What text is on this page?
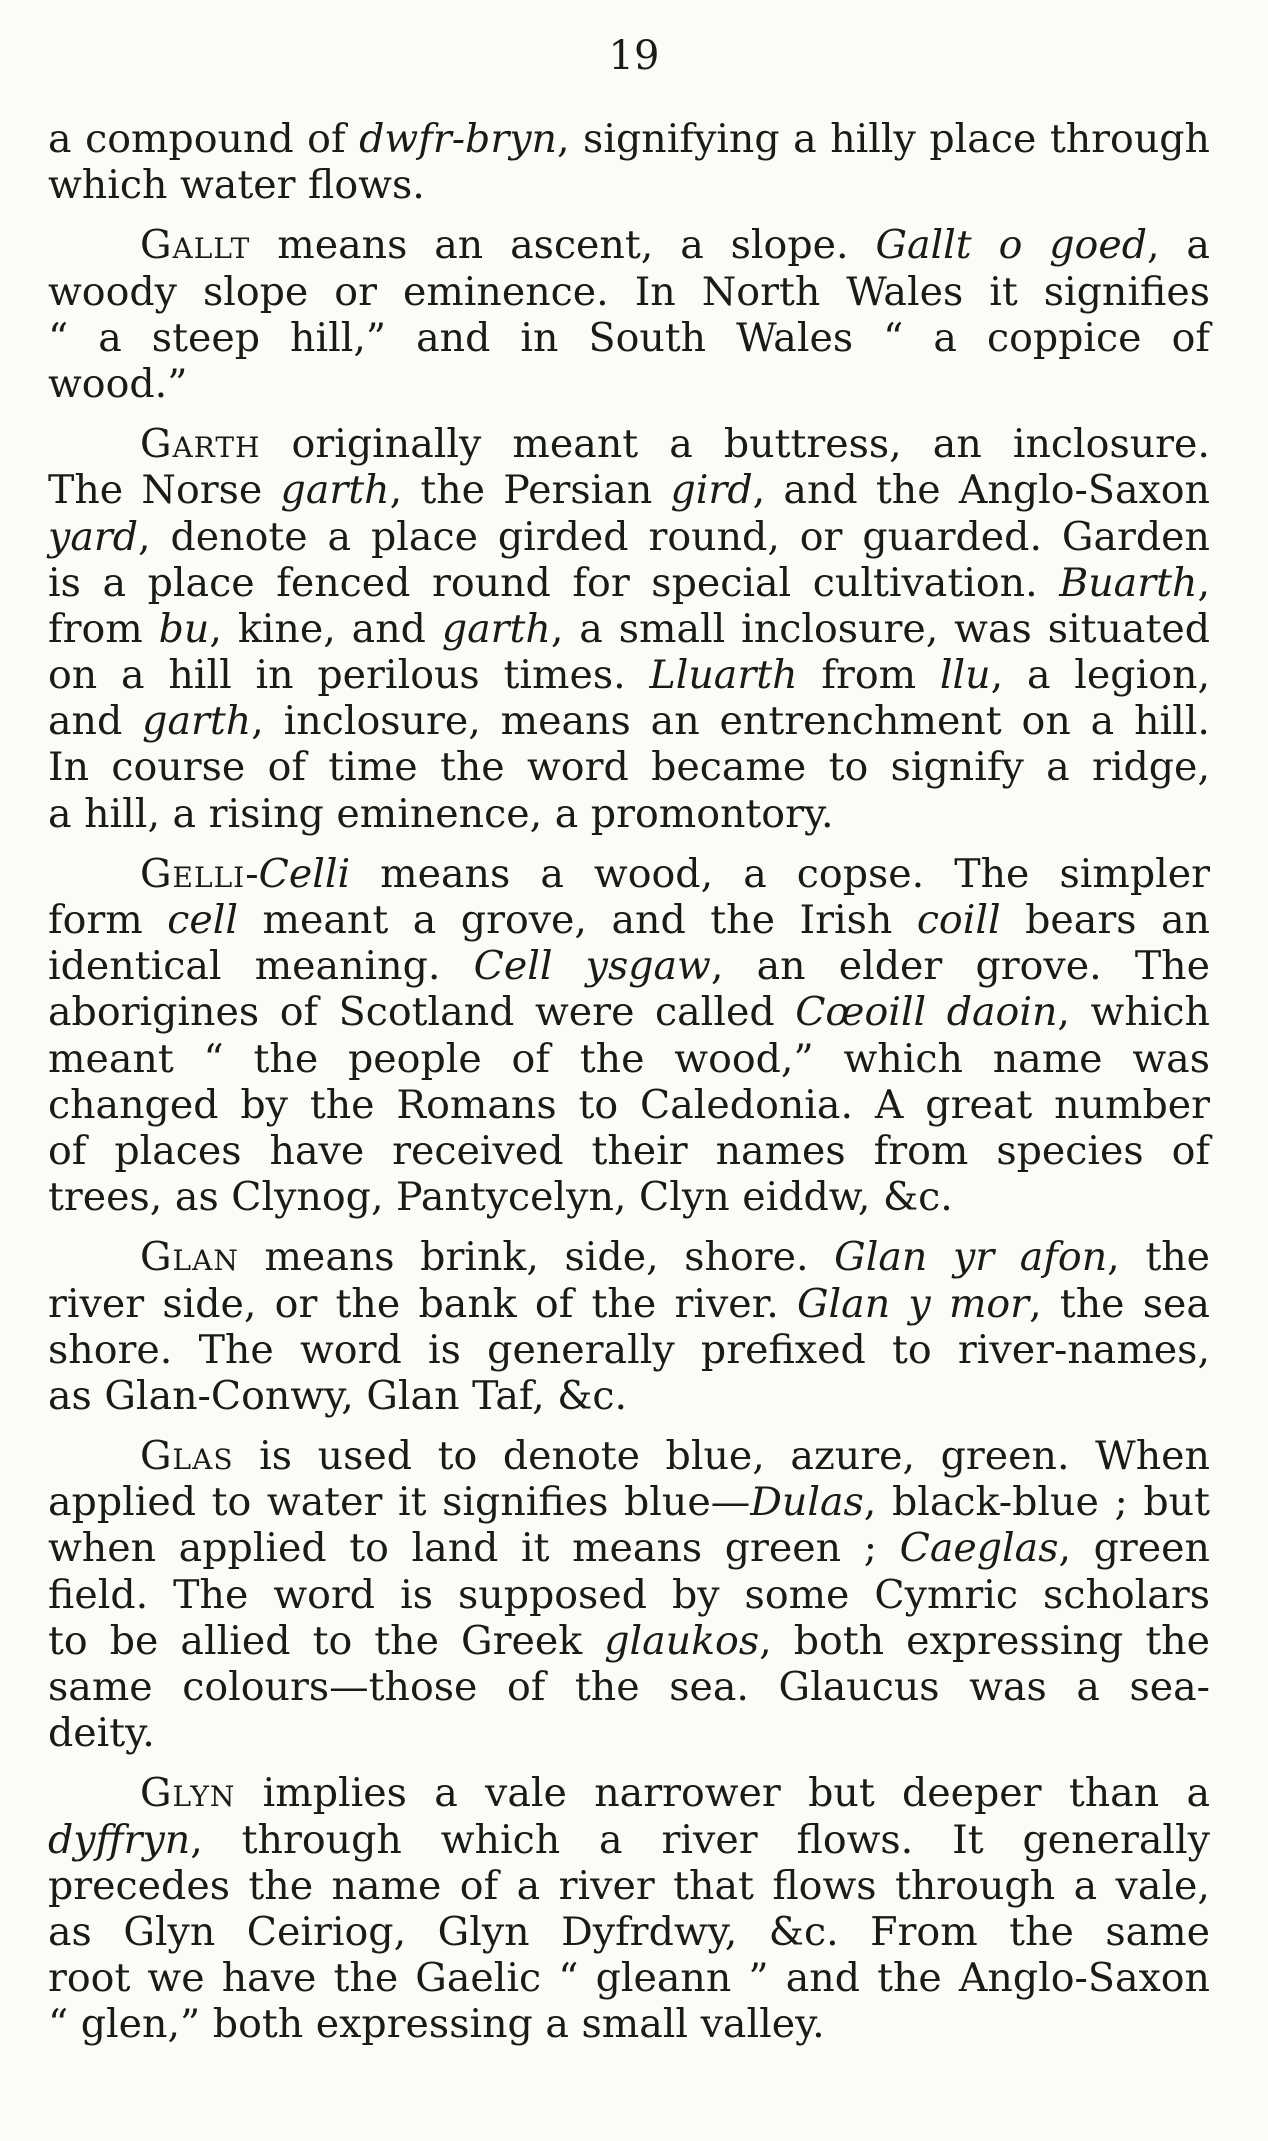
19
a compound of dwfr-bryn, signifying a hilly place through
which water flows.
Gallt means an ascent, a slope. Gallt o goed, a
woody slope or eminence. In North Wales it signifies
“ a steep hill,” and in South Wales “ a coppice of
wood.”
Garth originally meant a buttress, an inclosure.
The Norse garth, the Persian gird, and the Anglo-Saxon
yard, denote a place girded round, or guarded. Garden
is a place fenced round for special cultivation. Buarth,
from bu, kine, and garth, a small inclosure, was situated
on a hill in perilous times. Lluarth from llu, a legion,
and garth, inclosure, means an entrenchment on a hill.
In course of time the word became to signify a ridge,
a hill, a rising eminence, a promontory.
Gelli-Celli means a wood, a copse. The simpler
form cell meant a grove, and the Irish coill bears an
identical meaning. Cell ysgaw, an elder grove. The
aborigines of Scotland were called Cœoill daoin, which
meant “ the people of the wood,” which name was
changed by the Romans to Caledonia. A great number
of places have received their names from species of
trees, as Clynog, Pantycelyn, Clyn eiddw, &c.
Glan means brink, side, shore. Glan yr afon, the
river side, or the bank of the river. Glan y mor, the sea
shore. The word is generally prefixed to river-names,
as Glan-Conwy, Glan Taf, &c.
Glas is used to denote blue, azure, green. When
applied to water it signifies blue—Dulas, black-blue ; but
when applied to land it means green ; Caeglas, green
field. The word is supposed by some Cymric scholars
to be allied to the Greek glaukos, both expressing the
same colours—those of the sea. Glaucus was a sea-
deity.
Glyn implies a vale narrower but deeper than a
dyffryn, through which a river flows. It generally
precedes the name of a river that flows through a vale,
as Glyn Ceiriog, Glyn Dyfrdwy, &c. From the same
root we have the Gaelic “ gleann ” and the Anglo-Saxon
“ glen,” both expressing a small valley.
